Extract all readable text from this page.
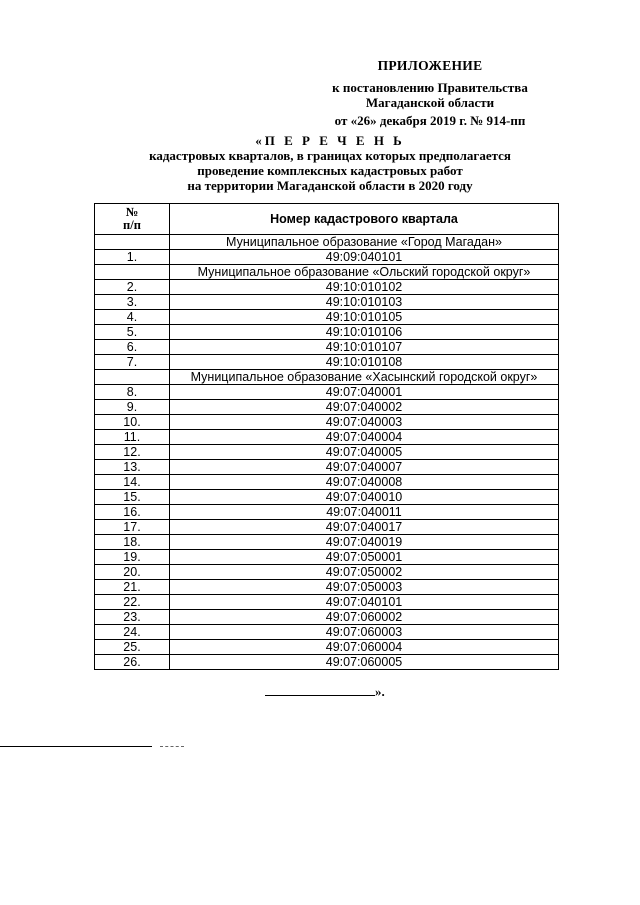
ПРИЛОЖЕНИЕ
к постановлению Правительства
Магаданской области
от «26» декабря 2019 г. № 914-пп
«П Е Р Е Ч Е Н Ь
кадастровых кварталов, в границах которых предполагается
проведение комплексных кадастровых работ
на территории Магаданской области в 2020 году
№
п/п	Номер кадастрового квартала
	Муниципальное образование «Город Магадан»
1.	49:09:040101
	Муниципальное образование «Ольский городской округ»
2.	49:10:010102
3.	49:10:010103
4.	49:10:010105
5.	49:10:010106
6.	49:10:010107
7.	49:10:010108
	Муниципальное образование «Хасынский городской округ»
8.	49:07:040001
9.	49:07:040002
10.	49:07:040003
11.	49:07:040004
12.	49:07:040005
13.	49:07:040007
14.	49:07:040008
15.	49:07:040010
16.	49:07:040011
17.	49:07:040017
18.	49:07:040019
19.	49:07:050001
20.	49:07:050002
21.	49:07:050003
22.	49:07:040101
23.	49:07:060002
24.	49:07:060003
25.	49:07:060004
26.	49:07:060005
».
